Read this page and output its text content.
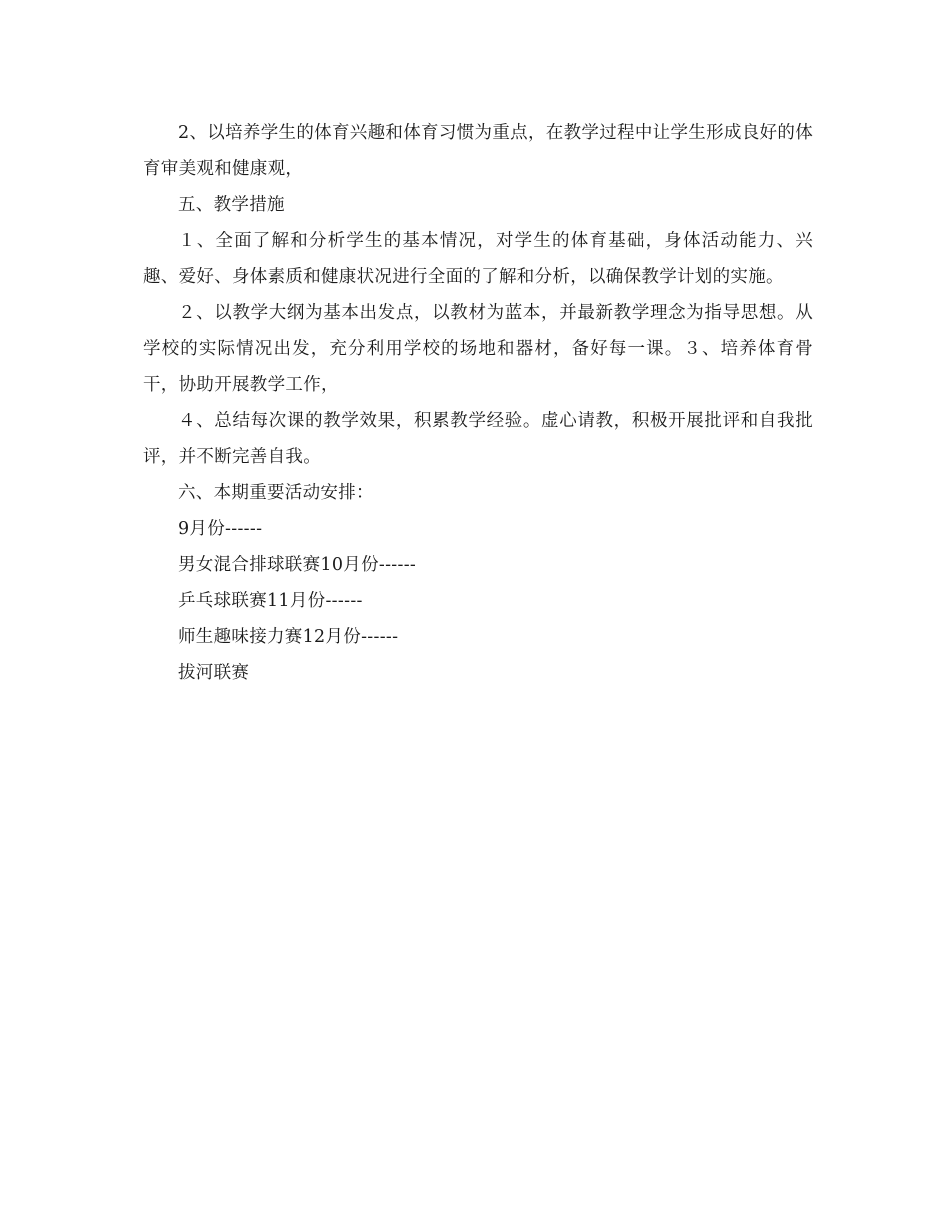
2、以培养学生的体育兴趣和体育习惯为重点，在教学过程中让学生形成良好的体育审美观和健康观，

五、教学措施

１、全面了解和分析学生的基本情况，对学生的体育基础，身体活动能力、兴趣、爱好、身体素质和健康状况进行全面的了解和分析，以确保教学计划的实施。

２、以教学大纲为基本出发点，以教材为蓝本，并最新教学理念为指导思想。从学校的实际情况出发，充分利用学校的场地和器材，备好每一课。３、培养体育骨干，协助开展教学工作，

４、总结每次课的教学效果，积累教学经验。虚心请教，积极开展批评和自我批评，并不断完善自我。

六、本期重要活动安排：

9月份------

男女混合排球联赛10月份------

乒乓球联赛11月份------

师生趣味接力赛12月份------

拔河联赛
